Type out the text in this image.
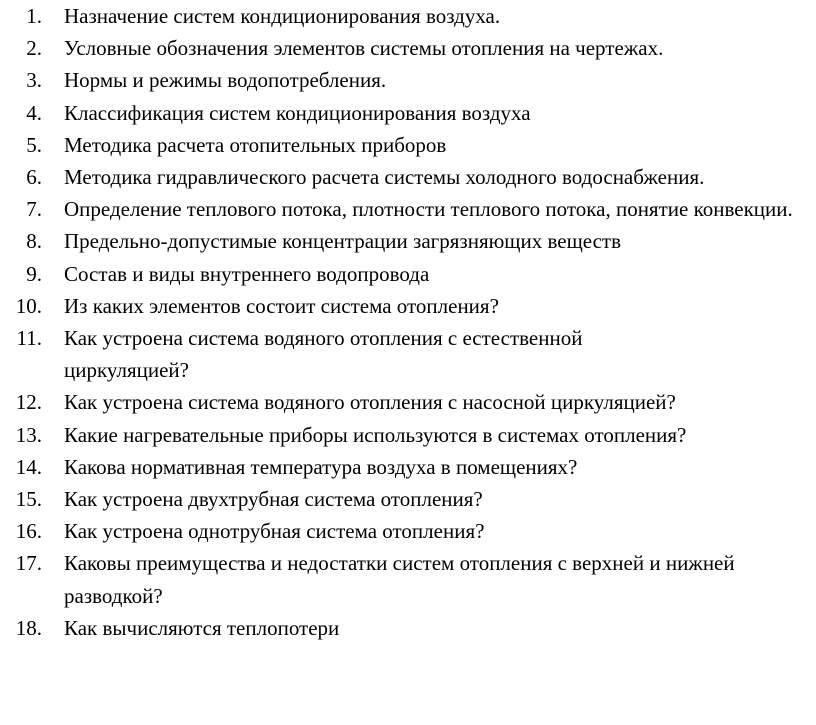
1. Назначение систем кондиционирования воздуха.
2. Условные обозначения элементов системы отопления на чертежах.
3. Нормы и режимы водопотребления.
4. Классификация систем кондиционирования воздуха
5. Методика расчета отопительных приборов
6. Методика гидравлического расчета системы холодного водоснабжения.
7. Определение теплового потока, плотности теплового потока, понятие конвекции.
8. Предельно-допустимые концентрации загрязняющих веществ
9. Состав и виды внутреннего водопровода
10. Из каких элементов состоит система отопления?
11. Как устроена система водяного отопления с естественной циркуляцией?
12. Как устроена система водяного отопления с насосной циркуляцией?
13. Какие нагревательные приборы используются в системах отопления?
14. Какова нормативная температура воздуха в помещениях?
15. Как устроена двухтрубная система отопления?
16. Как устроена однотрубная система отопления?
17. Каковы преимущества и недостатки систем отопления с верхней и нижней разводкой?
18. Как вычисляются теплопотери
